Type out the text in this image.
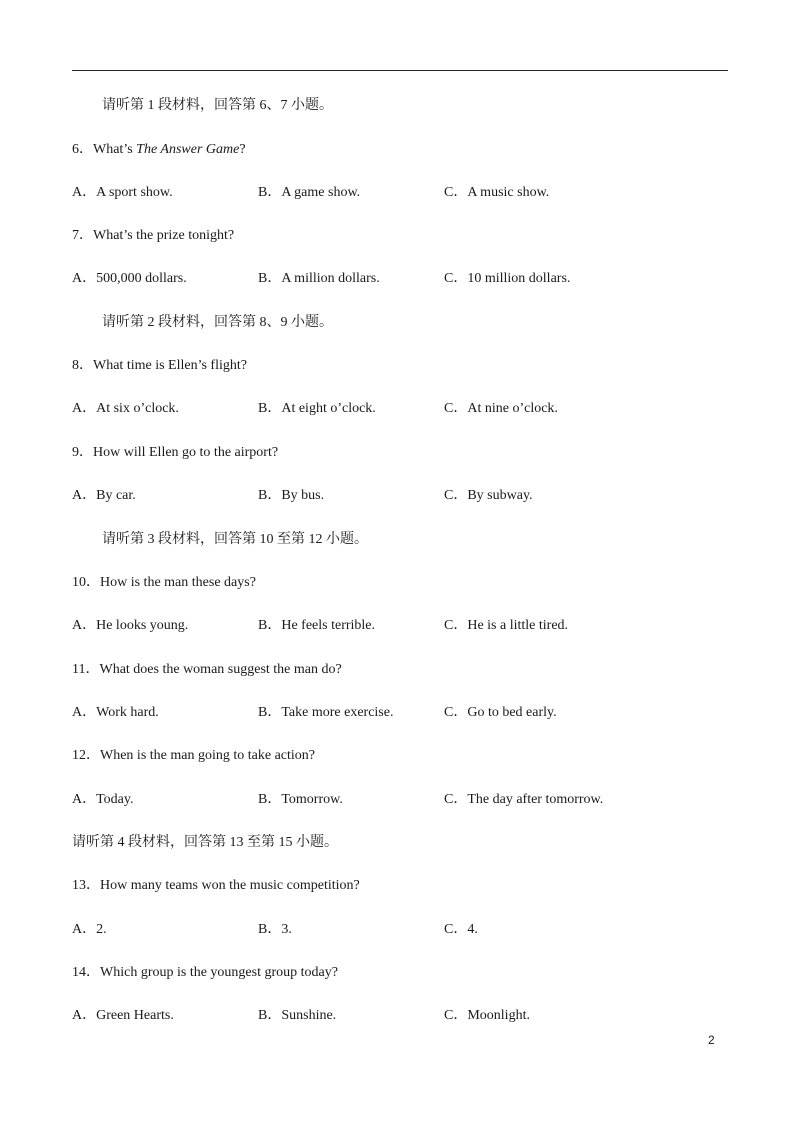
请听第 1 段材料，回答第 6、7 小题。
6．What’s The Answer Game?
A．A sport show.	B．A game show.	C．A music show.
7．What’s the prize tonight?
A．500,000 dollars.	B．A million dollars.	C．10 million dollars.
请听第 2 段材料，回答第 8、9 小题。
8．What time is Ellen’s flight?
A．At six o’clock.	B．At eight o’clock.	C．At nine o’clock.
9．How will Ellen go to the airport?
A．By car.	B．By bus.	C．By subway.
请听第 3 段材料，回答第 10 至第 12 小题。
10．How is the man these days?
A．He looks young.	B．He feels terrible.	C．He is a little tired.
11．What does the woman suggest the man do?
A．Work hard.	B．Take more exercise.	C．Go to bed early.
12．When is the man going to take action?
A．Today.	B．Tomorrow.	C．The day after tomorrow.
请听第 4 段材料，回答第 13 至第 15 小题。
13．How many teams won the music competition?
A．2.	B．3.	C．4.
14．Which group is the youngest group today?
A．Green Hearts.	B．Sunshine.	C．Moonlight.
2
